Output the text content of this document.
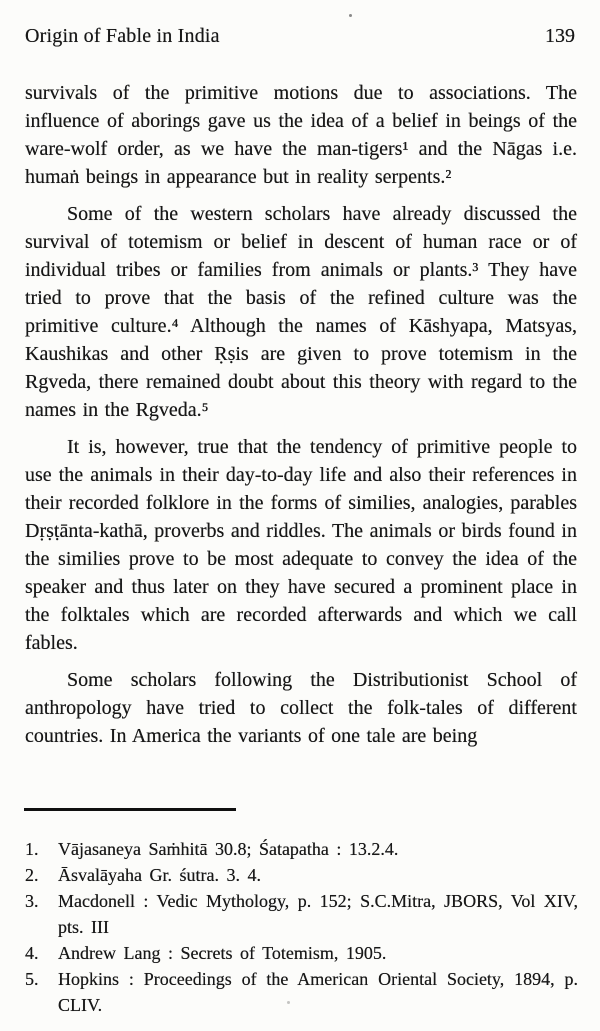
Origin of Fable in India	139

survivals of the primitive motions due to associations. The influence of aborings gave us the idea of a belief in beings of the ware-wolf order, as we have the man-tigers¹ and the Nāgas i.e. humaṅ beings in appearance but in reality serpents.²

Some of the western scholars have already discussed the survival of totemism or belief in descent of human race or of individual tribes or families from animals or plants.³ They have tried to prove that the basis of the refined culture was the primitive culture.⁴ Although the names of Kāshyapa, Matsyas, Kaushikas and other Ṛṣis are given to prove totemism in the Rgveda, there remained doubt about this theory with regard to the names in the Rgveda.⁵

It is, however, true that the tendency of primitive people to use the animals in their day-to-day life and also their references in their recorded folklore in the forms of similies, analogies, parables Dṛṣṭānta-kathā, proverbs and riddles. The animals or birds found in the similies prove to be most adequate to convey the idea of the speaker and thus later on they have secured a prominent place in the folktales which are recorded afterwards and which we call fables.

Some scholars following the Distributionist School of anthropology have tried to collect the folk-tales of different countries. In America the variants of one tale are being

1.	Vājasaneya Saṁhitā 30.8; Śatapatha : 13.2.4.
2.	Āsvalāyaha Gr. śutra. 3. 4.
3.	Macdonell : Vedic Mythology, p. 152; S.C.Mitra, JBORS, Vol XIV, pts. III
4.	Andrew Lang : Secrets of Totemism, 1905.
5.	Hopkins : Proceedings of the American Oriental Society, 1894, p. CLIV.
